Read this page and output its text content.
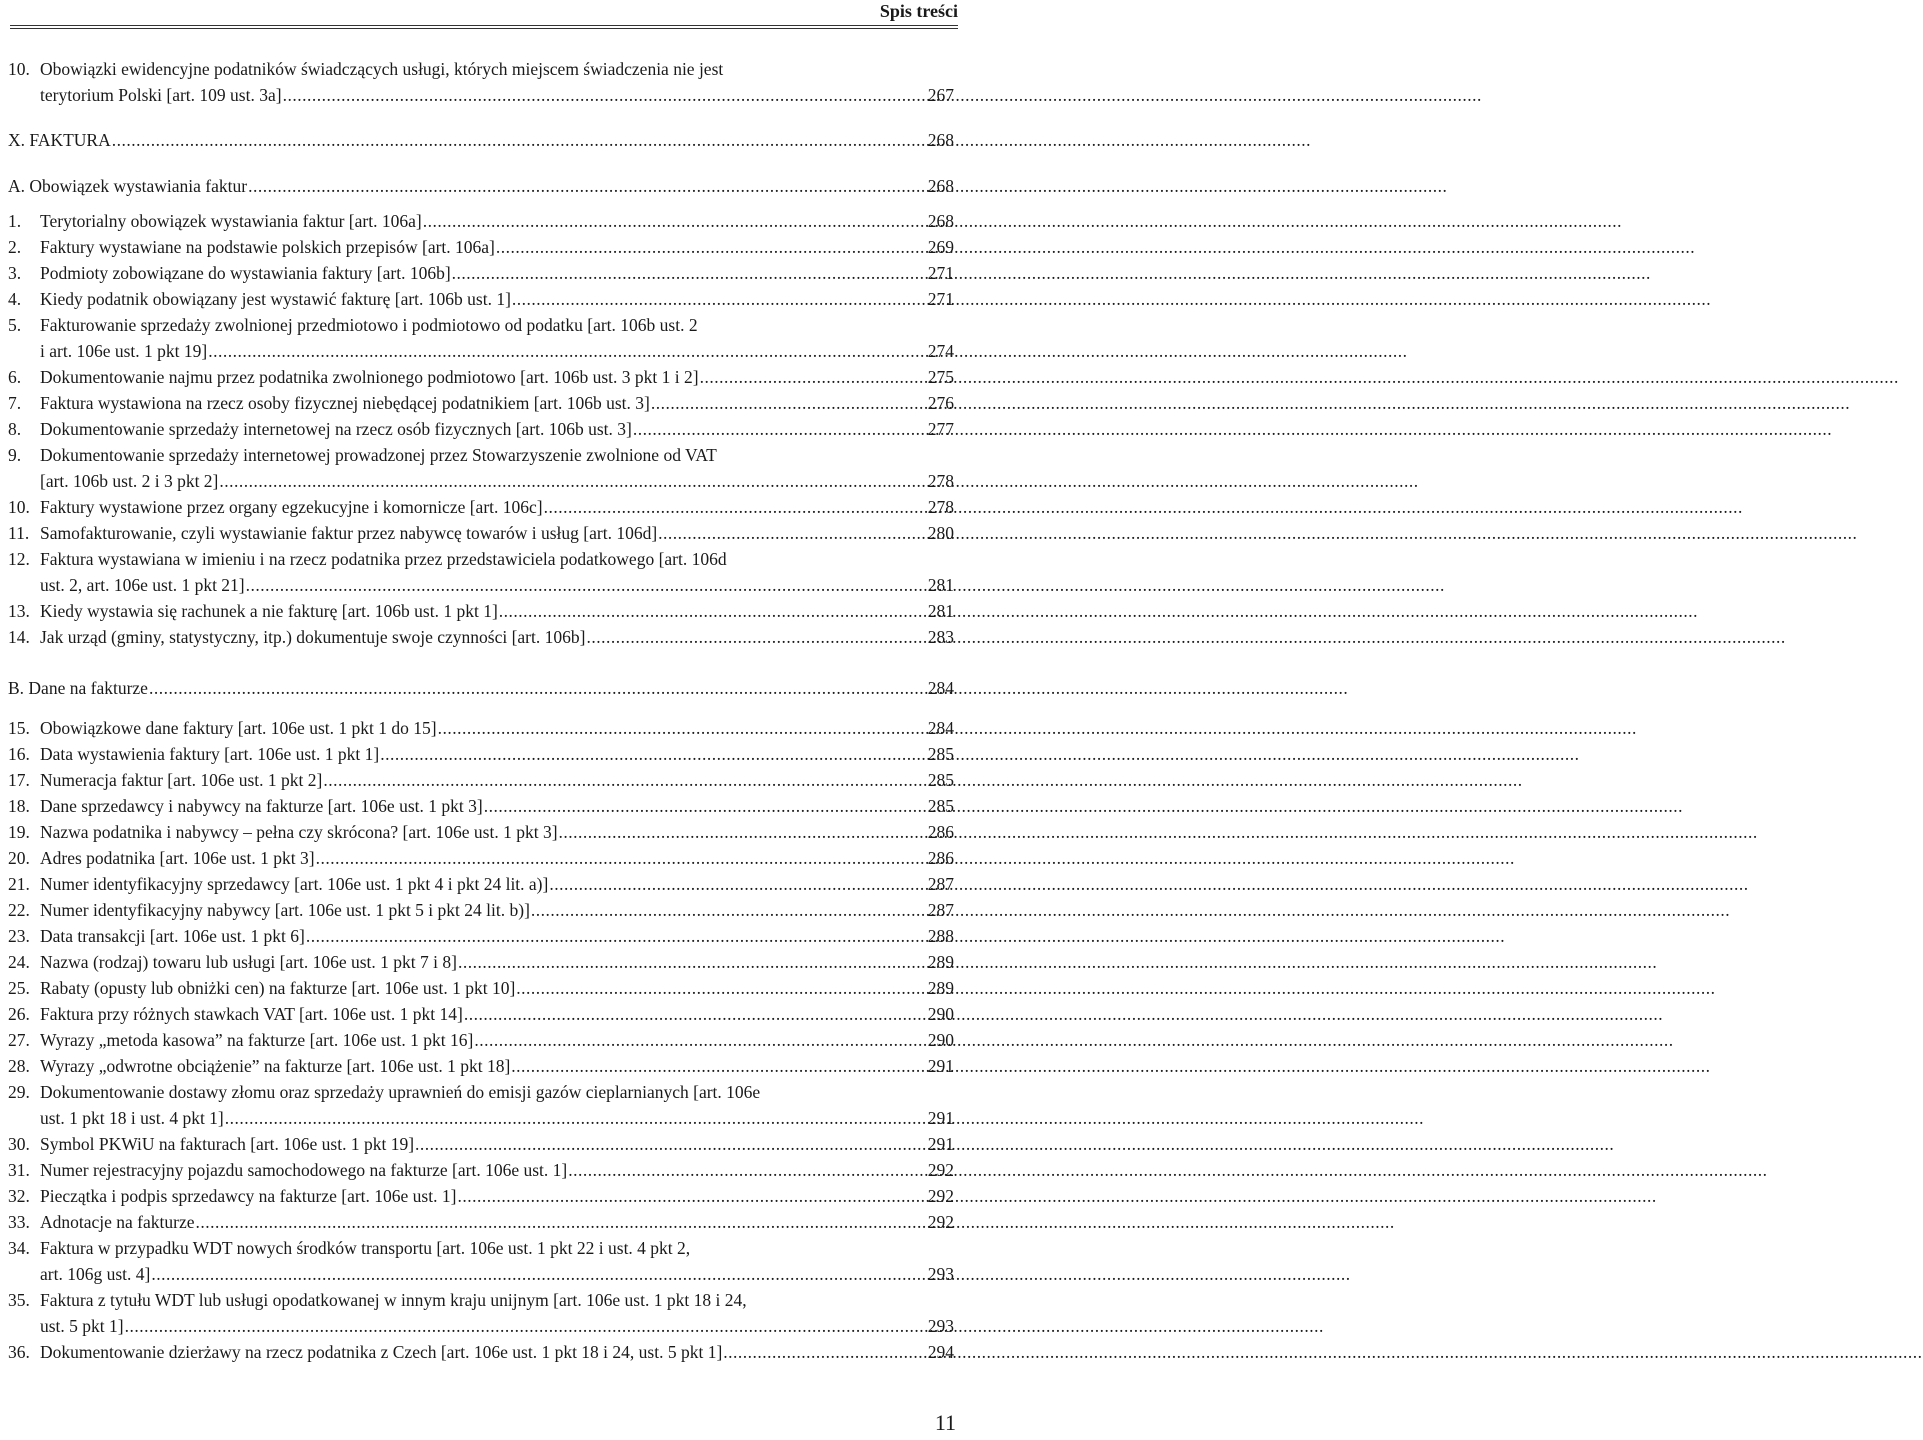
Spis treści
10. Obowiązki ewidencyjne podatników świadczących usługi, których miejscem świadczenia nie jest
terytorium Polski [art. 109 ust. 3a] .....	267
X. FAKTURA .....	268
A. Obowiązek wystawiania faktur .....	268
1.	Terytorialny obowiązek wystawiania faktur [art. 106a] .....	268
2.	Faktury wystawiane na podstawie polskich przepisów [art. 106a] .....	269
3.	Podmioty zobowiązane do wystawiania faktury [art. 106b] .....	271
4.	Kiedy podatnik obowiązany jest wystawić fakturę [art. 106b ust. 1] .....	271
5.	Fakturowanie sprzedaży zwolnionej przedmiotowo i podmiotowo od podatku [art. 106b ust. 2
i art. 106e ust. 1 pkt 19] .....	274
6.	Dokumentowanie najmu przez podatnika zwolnionego podmiotowo [art. 106b ust. 3 pkt 1 i 2] .....	275
7.	Faktura wystawiona na rzecz osoby fizycznej niebędącej podatnikiem [art. 106b ust. 3] .....	276
8.	Dokumentowanie sprzedaży internetowej na rzecz osób fizycznych [art. 106b ust. 3] .....	277
9.	Dokumentowanie sprzedaży internetowej prowadzonej przez Stowarzyszenie zwolnione od VAT
[art. 106b ust. 2 i 3 pkt 2] .....	278
10. Faktury wystawione przez organy egzekucyjne i komornicze [art. 106c] .....	278
11. Samofakturowanie, czyli wystawianie faktur przez nabywcę towarów i usług [art. 106d] .....	280
12. Faktura wystawiana w imieniu i na rzecz podatnika przez przedstawiciela podatkowego [art. 106d
ust. 2, art. 106e ust. 1 pkt 21] .....	281
13. Kiedy wystawia się rachunek a nie fakturę [art. 106b ust. 1 pkt 1] .....	281
14. Jak urząd (gminy, statystyczny, itp.) dokumentuje swoje czynności [art. 106b] .....	283
B. Dane na fakturze .....	284
15. Obowiązkowe dane faktury [art. 106e ust. 1 pkt 1 do 15] .....	284
16. Data wystawienia faktury [art. 106e ust. 1 pkt 1] .....	285
17. Numeracja faktur [art. 106e ust. 1 pkt 2] .....	285
18. Dane sprzedawcy i nabywcy na fakturze [art. 106e ust. 1 pkt 3] .....	285
19. Nazwa podatnika i nabywcy – pełna czy skrócona? [art. 106e ust. 1 pkt 3] .....	286
20. Adres podatnika [art. 106e ust. 1 pkt 3] .....	286
21. Numer identyfikacyjny sprzedawcy [art. 106e ust. 1 pkt 4 i pkt 24 lit. a)] .....	287
22. Numer identyfikacyjny nabywcy [art. 106e ust. 1 pkt 5 i pkt 24 lit. b)] .....	287
23. Data transakcji [art. 106e ust. 1 pkt 6] .....	288
24. Nazwa (rodzaj) towaru lub usługi [art. 106e ust. 1 pkt 7 i 8] .....	289
25. Rabaty (opusty lub obniżki cen) na fakturze [art. 106e ust. 1 pkt 10] .....	289
26. Faktura przy różnych stawkach VAT [art. 106e ust. 1 pkt 14] .....	290
27. Wyrazy „metoda kasowa” na fakturze [art. 106e ust. 1 pkt 16] .....	290
28. Wyrazy „odwrotne obciążenie” na fakturze [art. 106e ust. 1 pkt 18] .....	291
29. Dokumentowanie dostawy złomu oraz sprzedaży uprawnień do emisji gazów cieplarnianych [art. 106e
ust. 1 pkt 18 i ust. 4 pkt 1] .....	291
30. Symbol PKWiU na fakturach [art. 106e ust. 1 pkt 19] .....	291
31. Numer rejestracyjny pojazdu samochodowego na fakturze [art. 106e ust. 1] .....	292
32. Pieczątka i podpis sprzedawcy na fakturze [art. 106e ust. 1] .....	292
33. Adnotacje na fakturze .....	292
34. Faktura w przypadku WDT nowych środków transportu [art. 106e ust. 1 pkt 22 i ust. 4 pkt 2,
art. 106g ust. 4] .....	293
35. Faktura z tytułu WDT lub usługi opodatkowanej w innym kraju unijnym [art. 106e ust. 1 pkt 18 i 24,
ust. 5 pkt 1] .....	293
36. Dokumentowanie dzierżawy na rzecz podatnika z Czech [art. 106e ust. 1 pkt 18 i 24, ust. 5 pkt 1] .....	294
11
